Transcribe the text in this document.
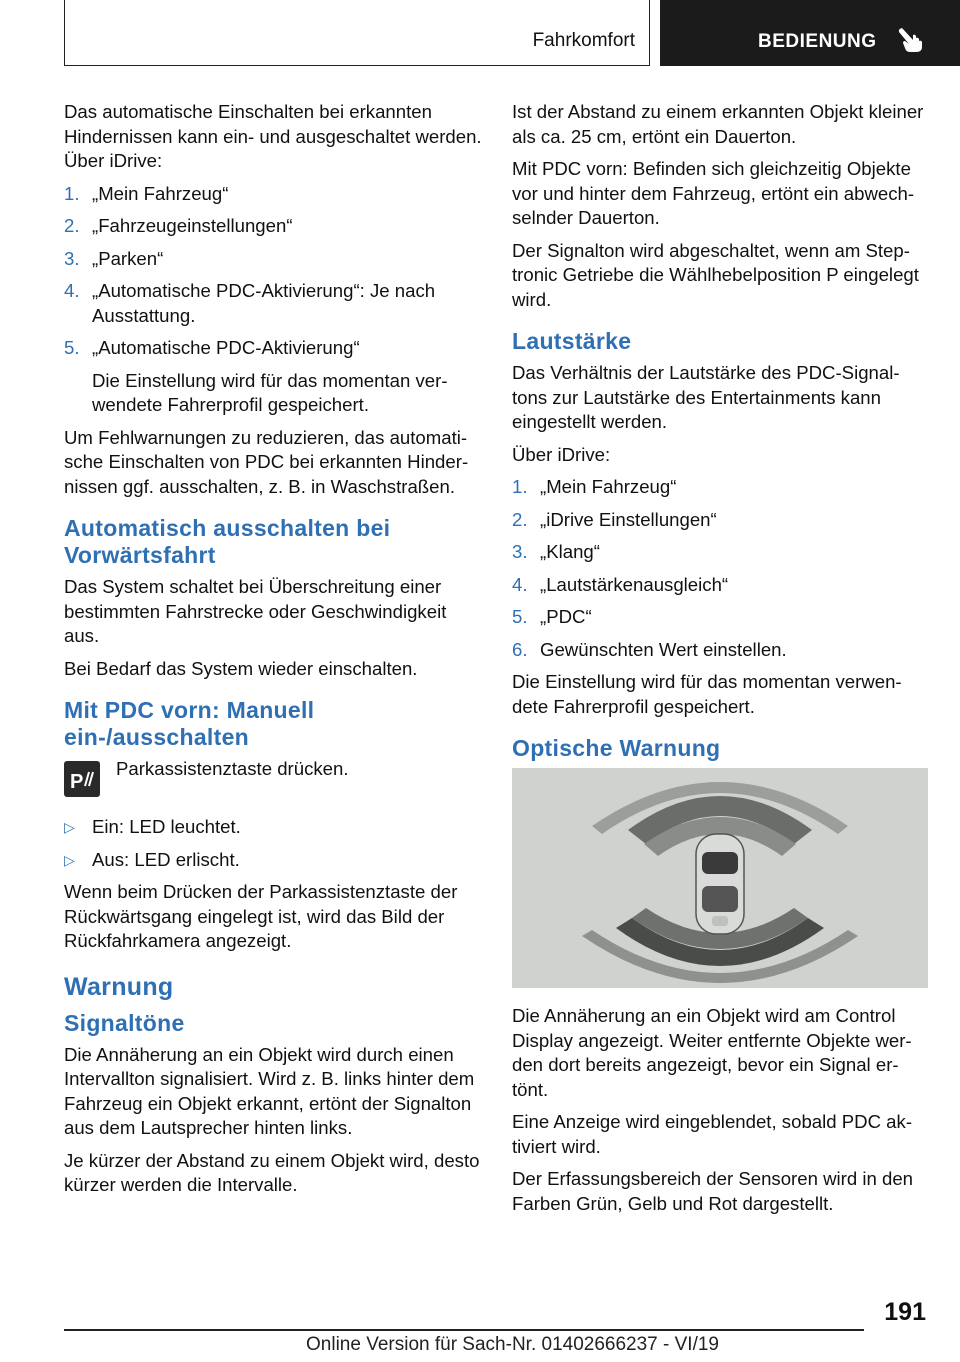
Fahrkomfort	BEDIENUNG

Das automatische Einschalten bei erkannten Hindernissen kann ein- und ausgeschaltet werden. Über iDrive:

1. „Mein Fahrzeug“
2. „Fahrzeugeinstellungen“
3. „Parken“
4. „Automatische PDC-Aktivierung“: Je nach Ausstattung.
5. „Automatische PDC-Aktivierung“
Die Einstellung wird für das momentan verwendete Fahrerprofil gespeichert.

Um Fehlwarnungen zu reduzieren, das automatische Einschalten von PDC bei erkannten Hindernissen ggf. ausschalten, z. B. in Waschstraßen.

Automatisch ausschalten bei Vorwärtsfahrt

Das System schaltet bei Überschreitung einer bestimmten Fahrstrecke oder Geschwindigkeit aus.

Bei Bedarf das System wieder einschalten.

Mit PDC vorn: Manuell ein-/ausschalten
P
Parkassistenztaste drücken.
▷ Ein: LED leuchtet.
▷ Aus: LED erlischt.

Wenn beim Drücken der Parkassistenztaste der Rückwärtsgang eingelegt ist, wird das Bild der Rückfahrkamera angezeigt.

Warnung
Signaltöne

Die Annäherung an ein Objekt wird durch einen Intervallton signalisiert. Wird z. B. links hinter dem Fahrzeug ein Objekt erkannt, ertönt der Signalton aus dem Lautsprecher hinten links.

Je kürzer der Abstand zu einem Objekt wird, desto kürzer werden die Intervalle.

Ist der Abstand zu einem erkannten Objekt kleiner als ca. 25 cm, ertönt ein Dauerton.

Mit PDC vorn: Befinden sich gleichzeitig Objekte vor und hinter dem Fahrzeug, ertönt ein abwechselnder Dauerton.

Der Signalton wird abgeschaltet, wenn am Steptronic Getriebe die Wählhebelposition P eingelegt wird.

Lautstärke

Das Verhältnis der Lautstärke des PDC-Signaltons zur Lautstärke des Entertainments kann eingestellt werden.

Über iDrive:

1. „Mein Fahrzeug“
2. „iDrive Einstellungen“
3. „Klang“
4. „Lautstärkenausgleich“
5. „PDC“
6. Gewünschten Wert einstellen.

Die Einstellung wird für das momentan verwendete Fahrerprofil gespeichert.

Optische Warnung

Die Annäherung an ein Objekt wird am Control Display angezeigt. Weiter entfernte Objekte werden dort bereits angezeigt, bevor ein Signal ertönt.

Eine Anzeige wird eingeblendet, sobald PDC aktiviert wird.

Der Erfassungsbereich der Sensoren wird in den Farben Grün, Gelb und Rot dargestellt.

191
Online Version für Sach-Nr. 01402666237 - VI/19
